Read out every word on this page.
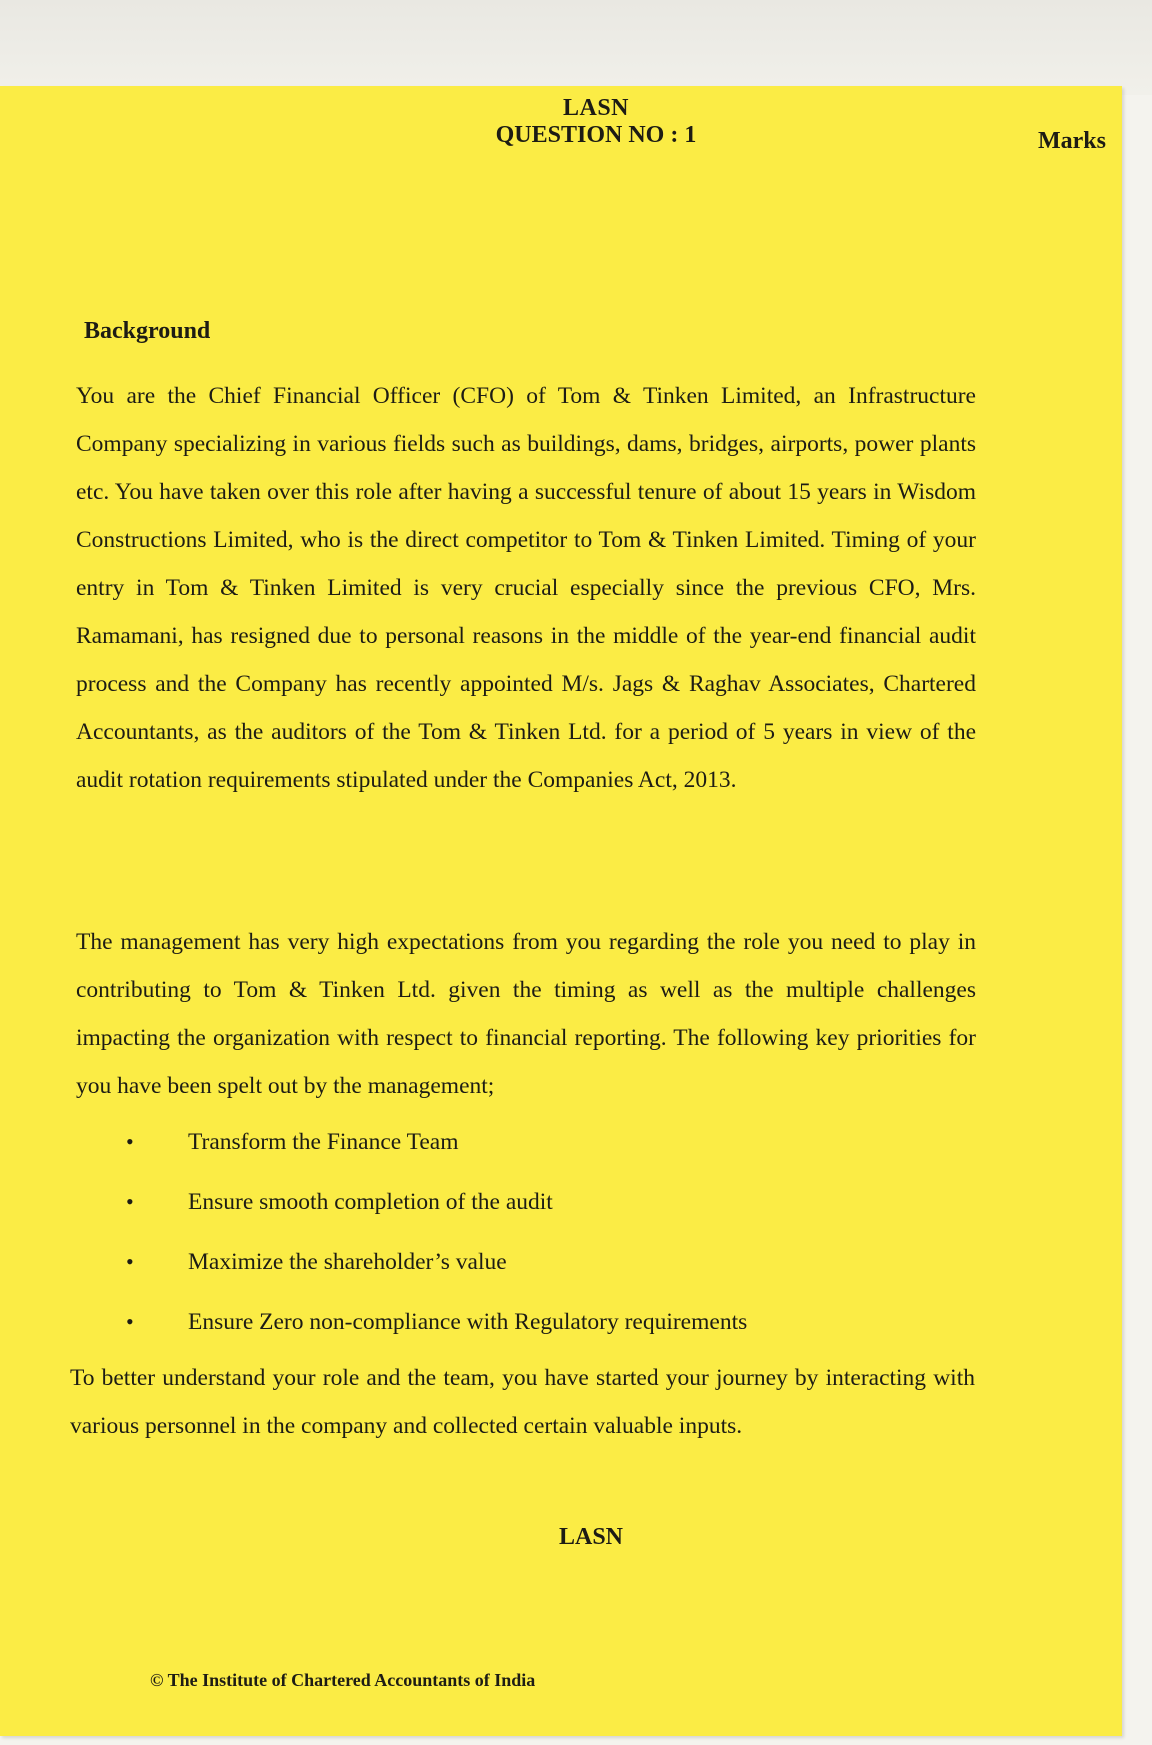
LASN
QUESTION NO : 1	Marks
Background
You are the Chief Financial Officer (CFO) of Tom & Tinken Limited, an Infrastructure Company specializing in various fields such as buildings, dams, bridges, airports, power plants etc. You have taken over this role after having a successful tenure of about 15 years in Wisdom Constructions Limited, who is the direct competitor to Tom & Tinken Limited. Timing of your entry in Tom & Tinken Limited is very crucial especially since the previous CFO, Mrs. Ramamani, has resigned due to personal reasons in the middle of the year-end financial audit process and the Company has recently appointed M/s. Jags & Raghav Associates, Chartered Accountants, as the auditors of the Tom & Tinken Ltd. for a period of 5 years in view of the audit rotation requirements stipulated under the Companies Act, 2013.
The management has very high expectations from you regarding the role you need to play in contributing to Tom & Tinken Ltd. given the timing as well as the multiple challenges impacting the organization with respect to financial reporting. The following key priorities for you have been spelt out by the management;
• Transform the Finance Team
• Ensure smooth completion of the audit
• Maximize the shareholder’s value
• Ensure Zero non-compliance with Regulatory requirements
To better understand your role and the team, you have started your journey by interacting with various personnel in the company and collected certain valuable inputs.
LASN
© The Institute of Chartered Accountants of India
